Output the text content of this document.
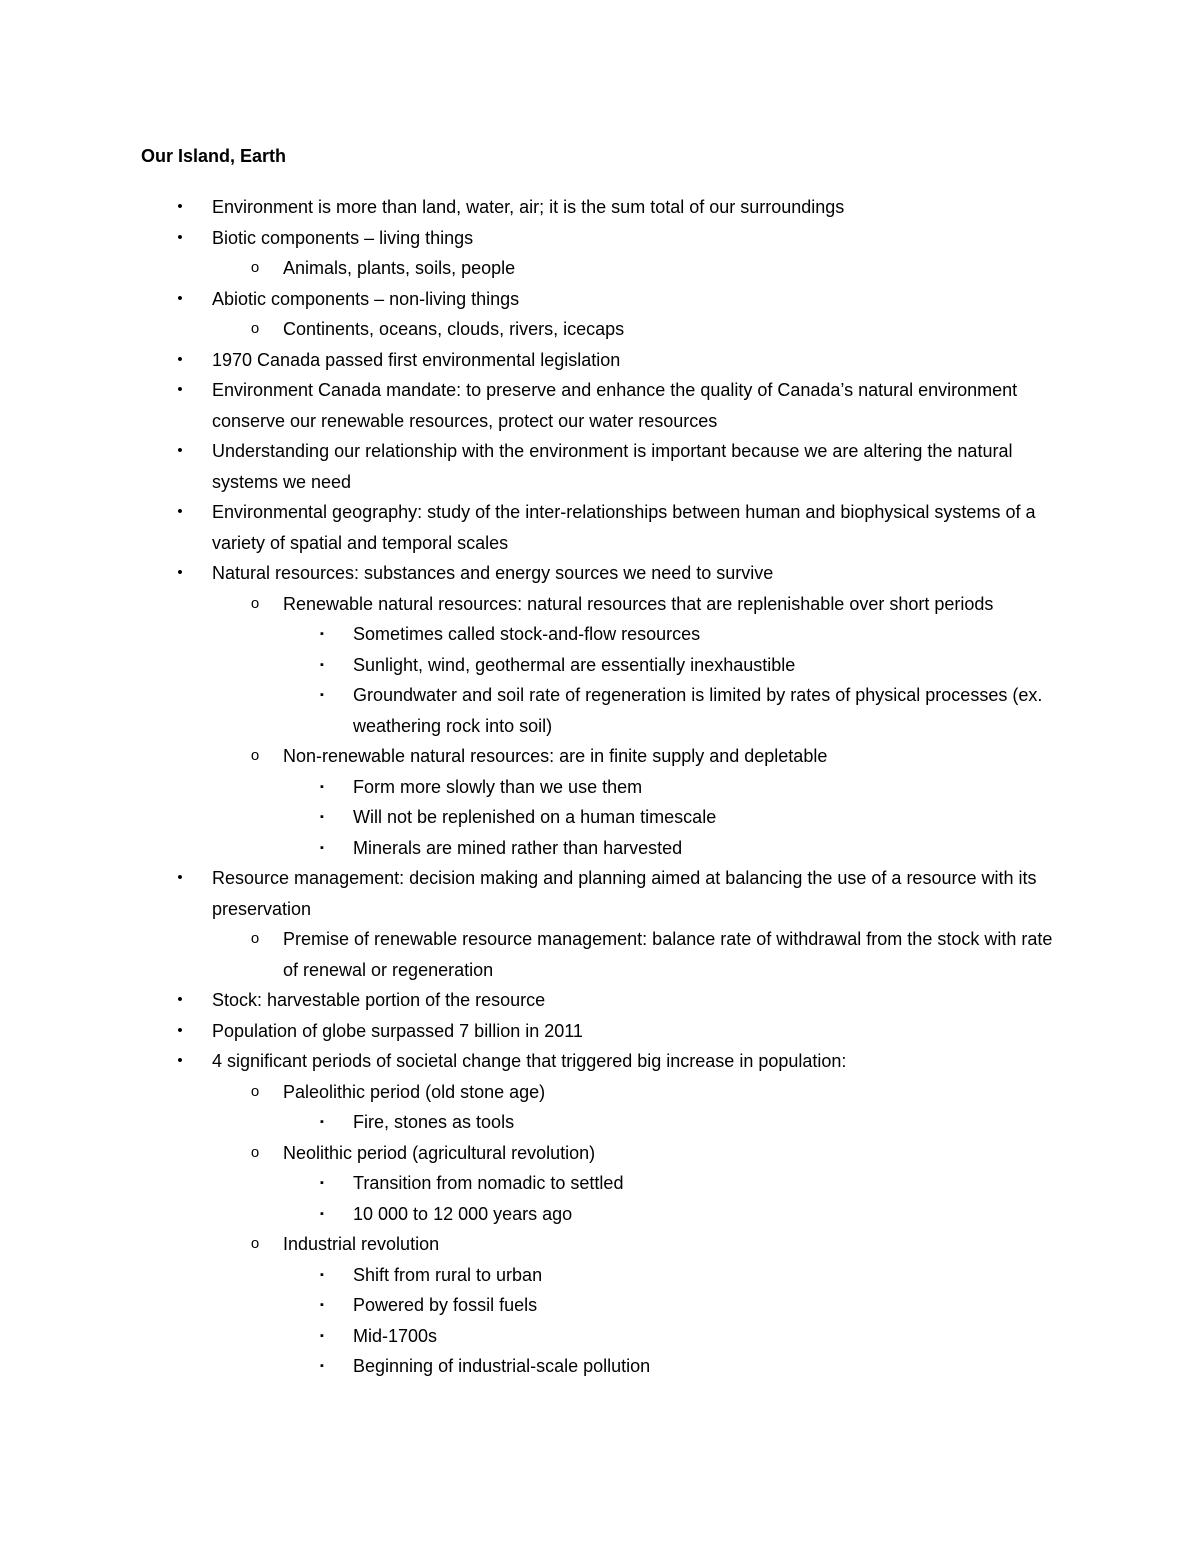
Our Island, Earth
•	Environment is more than land, water, air; it is the sum total of our surroundings
•	Biotic components – living things
o	Animals, plants, soils, people
•	Abiotic components – non-living things
o	Continents, oceans, clouds, rivers, icecaps
•	1970 Canada passed first environmental legislation
•	Environment Canada mandate: to preserve and enhance the quality of Canada’s natural environment conserve our renewable resources, protect our water resources
•	Understanding our relationship with the environment is important because we are altering the natural systems we need
•	Environmental geography: study of the inter-relationships between human and biophysical systems of a variety of spatial and temporal scales
•	Natural resources: substances and energy sources we need to survive
o	Renewable natural resources: natural resources that are replenishable over short periods
▪	Sometimes called stock-and-flow resources
▪	Sunlight, wind, geothermal are essentially inexhaustible
▪	Groundwater and soil rate of regeneration is limited by rates of physical processes (ex. weathering rock into soil)
o	Non-renewable natural resources: are in finite supply and depletable
▪	Form more slowly than we use them
▪	Will not be replenished on a human timescale
▪	Minerals are mined rather than harvested
•	Resource management: decision making and planning aimed at balancing the use of a resource with its preservation
o	Premise of renewable resource management: balance rate of withdrawal from the stock with rate of renewal or regeneration
•	Stock: harvestable portion of the resource
•	Population of globe surpassed 7 billion in 2011
•	4 significant periods of societal change that triggered big increase in population:
o	Paleolithic period (old stone age)
▪	Fire, stones as tools
o	Neolithic period (agricultural revolution)
▪	Transition from nomadic to settled
▪	10 000 to 12 000 years ago
o	Industrial revolution
▪	Shift from rural to urban
▪	Powered by fossil fuels
▪	Mid-1700s
▪	Beginning of industrial-scale pollution
